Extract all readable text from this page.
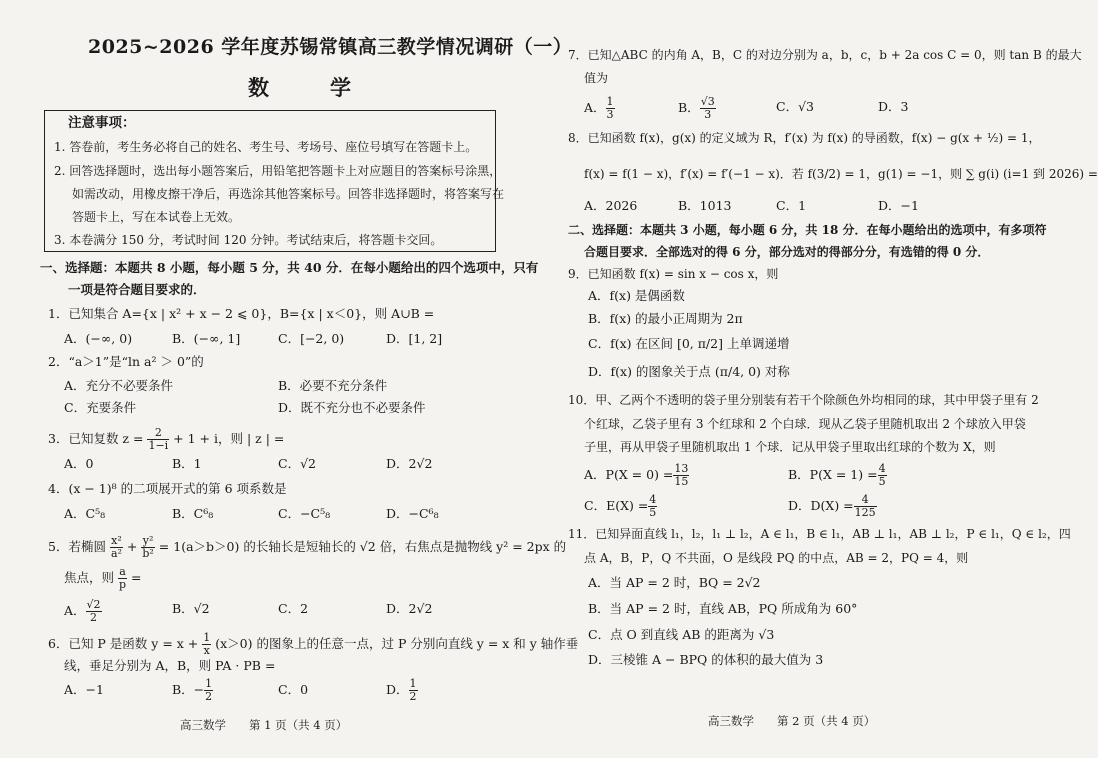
2025~2026 学年度苏锡常镇高三教学情况调研（一）
数　学
注意事项：
1. 答卷前，考生务必将自己的姓名、考生号、考场号、座位号填写在答题卡上。
2. 回答选择题时，选出每小题答案后，用铅笔把答题卡上对应题目的答案标号涂黑，
如需改动，用橡皮擦干净后，再选涂其他答案标号。回答非选择题时，将答案写在
答题卡上，写在本试卷上无效。
3. 本卷满分 150 分，考试时间 120 分钟。考试结束后，将答题卡交回。
一、选择题：本题共 8 小题，每小题 5 分，共 40 分．在每小题给出的四个选项中，只有
一项是符合题目要求的．
1．已知集合 A={x | x² + x − 2 ⩽ 0}，B={x | x＜0}，则 A∪B =
A．(−∞, 0)	B．(−∞, 1]	C．[−2, 0)	D．[1, 2]
2．“a＞1”是“ln a² ＞ 0”的
A．充分不必要条件	B．必要不充分条件
C．充要条件	D．既不充分也不必要条件
3．已知复数 $z = \frac{2}{1-i} + 1 + i$，则 | z | =
A．0	B．1	C．√2	D．2√2
4．(x − 1)⁸ 的二项展开式的第 6 项系数是
A．C⁵₈	B．C⁶₈	C．−C⁵₈	D．−C⁶₈
5．若椭圆 $\frac{\text{x²}}{\text{a²}} + \frac{\text{y²}}{\text{b²}} = 1(a>b>0)$ 的长轴长是短轴长的 √2 倍，右焦点是抛物线 y² = 2px 的
焦点，则 $\frac{a}{p}$ =
A． $\frac{√2}{2}$	B．√2	C．2	D．2√2
6．已知 P 是函数 $y = x + \frac{1}{x} (x>0)$ 的图象上的任意一点，过 P 分别向直线 y = x 和 y 轴作垂
线，垂足分别为 A，B，则 PA · PB =
A．−1	B．− $\frac{1}{2}$	C．0	D． $\frac{1}{2}$
高三数学　　第 1 页（共 4 页）
7．已知△ABC 的内角 A，B，C 的对边分别为 a，b，c，b + 2a cos C = 0，则 tan B 的最大
值为
A． $\frac{1}{3}$	B． $\frac{√3}{3}$	C．√3	D．3
8．已知函数 f(x)，g(x) 的定义域为 R，f′(x) 为 f(x) 的导函数，f(x) − g(x + ½) = 1，
f(x) = f(1 − x)，f′(x) = f′(−1 − x)．若 f(3/2) = 1，g(1) = −1，则 ∑ g(i) (i=1 到 2026) =
A．2026	B．1013	C．1	D．−1
二、选择题：本题共 3 小题，每小题 6 分，共 18 分．在每小题给出的选项中，有多项符
合题目要求．全部选对的得 6 分，部分选对的得部分分，有选错的得 0 分．
9．已知函数 f(x) = sin x − cos x，则
A．f(x) 是偶函数
B．f(x) 的最小正周期为 2π
C．f(x) 在区间 [0, π/2] 上单调递增
D．f(x) 的图象关于点 (π/4, 0) 对称
10．甲、乙两个不透明的袋子里分别装有若干个除颜色外均相同的球，其中甲袋子里有 2
个红球，乙袋子里有 3 个红球和 2 个白球．现从乙袋子里随机取出 2 个球放入甲袋
子里，再从甲袋子里随机取出 1 个球．记从甲袋子里取出红球的个数为 X，则
A．$P(X = 0) = \frac{13}{15}$	B．$P(X = 1) = \frac{4}{5}$
C．$E(X) = \frac{4}{5}$	D．$D(X) = \frac{4}{125}$
11．已知异面直线 l₁，l₂，l₁ ⊥ l₂，A ∈ l₁，B ∈ l₁，AB ⊥ l₁，AB ⊥ l₂，P ∈ l₁，Q ∈ l₂，四
点 A，B，P，Q 不共面，O 是线段 PQ 的中点，AB = 2，PQ = 4，则
A．当 AP = 2 时，BQ = 2√2
B．当 AP = 2 时，直线 AB，PQ 所成角为 60°
C．点 O 到直线 AB 的距离为 √3
D．三棱锥 A − BPQ 的体积的最大值为 3
高三数学　　第 2 页（共 4 页）
